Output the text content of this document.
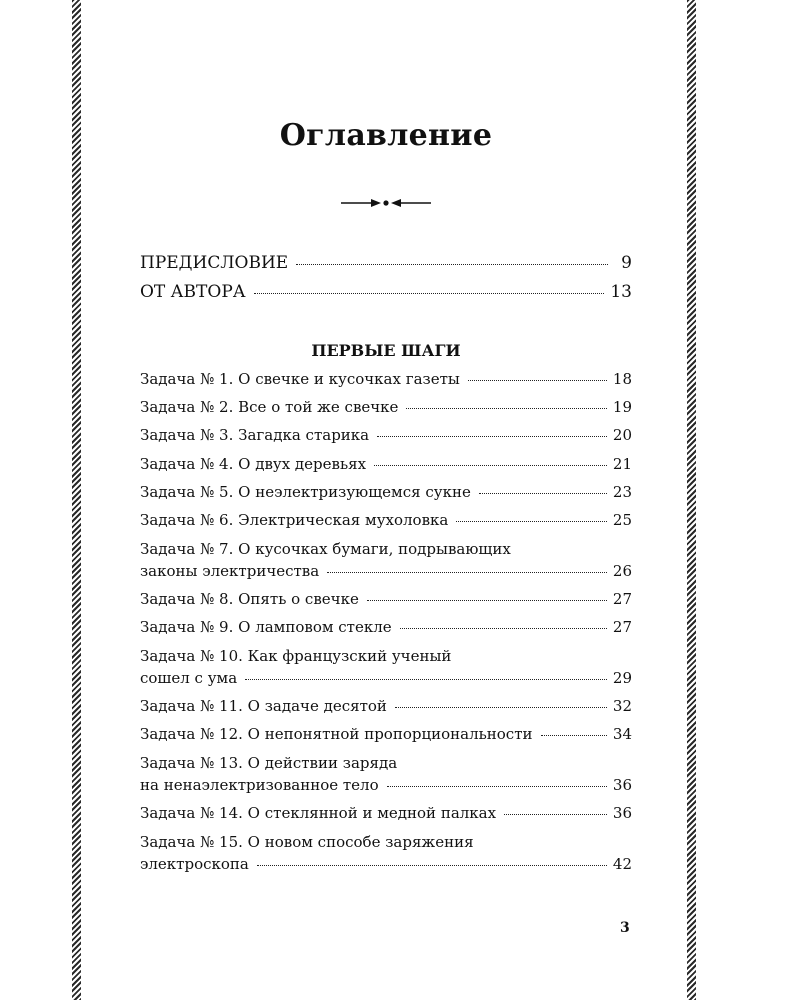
Оглавление
ПРЕДИСЛОВИЕ	9
ОТ АВТОРА	13
ПЕРВЫЕ ШАГИ
Задача № 1. О свечке и кусочках газеты	18
Задача № 2. Все о той же свечке	19
Задача № 3. Загадка старика	20
Задача № 4. О двух деревьях	21
Задача № 5. О неэлектризующемся сукне	23
Задача № 6. Электрическая мухоловка	25
Задача № 7. О кусочках бумаги, подрывающих
законы электричества	26
Задача № 8. Опять о свечке	27
Задача № 9. О ламповом стекле	27
Задача № 10. Как французский ученый
сошел с ума	29
Задача № 11. О задаче десятой	32
Задача № 12. О непонятной пропорциональности	34
Задача № 13. О действии заряда
на ненаэлектризованное тело	36
Задача № 14. О стеклянной и медной палках	36
Задача № 15. О новом способе заряжения
электроскопа	42
3
